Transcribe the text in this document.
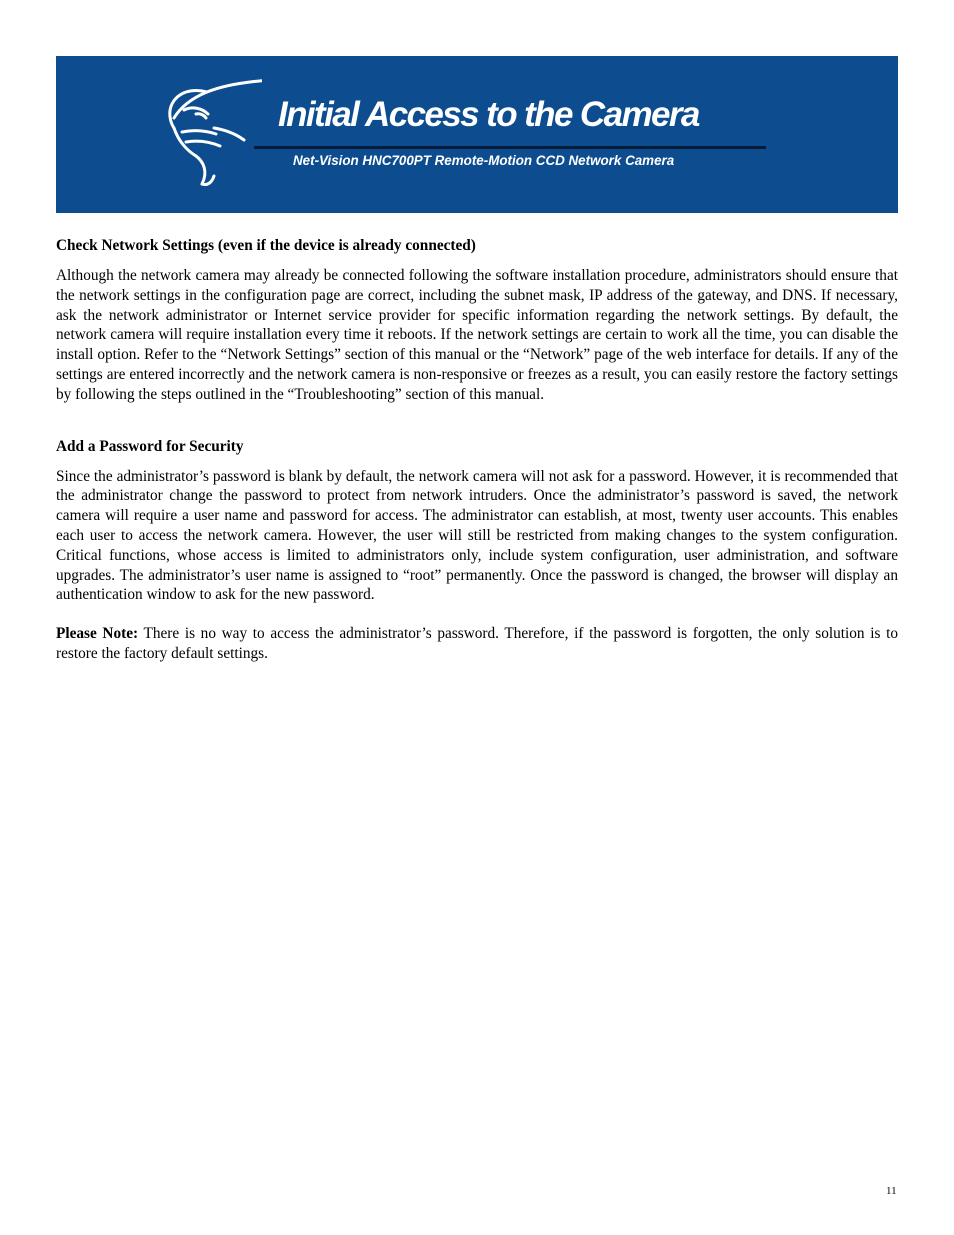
Initial Access to the Camera
Net-Vision HNC700PT Remote-Motion CCD Network Camera

Check Network Settings (even if the device is already connected)

Although the network camera may already be connected following the software installation procedure, administrators should ensure that the network settings in the configuration page are correct, including the subnet mask, IP address of the gateway, and DNS. If necessary, ask the network administrator or Internet service provider for specific information regarding the network settings. By default, the network camera will require installation every time it reboots. If the network settings are certain to work all the time, you can disable the install option. Refer to the “Network Settings” section of this manual or the “Network” page of the web interface for details. If any of the settings are entered incorrectly and the network camera is non-responsive or freezes as a result, you can easily restore the factory settings by following the steps outlined in the “Troubleshooting” section of this manual.

Add a Password for Security

Since the administrator’s password is blank by default, the network camera will not ask for a password. However, it is recommended that the administrator change the password to protect from network intruders. Once the administrator’s password is saved, the network camera will require a user name and password for access. The administrator can establish, at most, twenty user accounts. This enables each user to access the network camera. However, the user will still be restricted from making changes to the system configuration. Critical functions, whose access is limited to administrators only, include system configuration, user administration, and software upgrades. The administrator’s user name is assigned to “root” permanently. Once the password is changed, the browser will display an authentication window to ask for the new password.

Please Note: There is no way to access the administrator’s password. Therefore, if the password is forgotten, the only solution is to restore the factory default settings.

11
